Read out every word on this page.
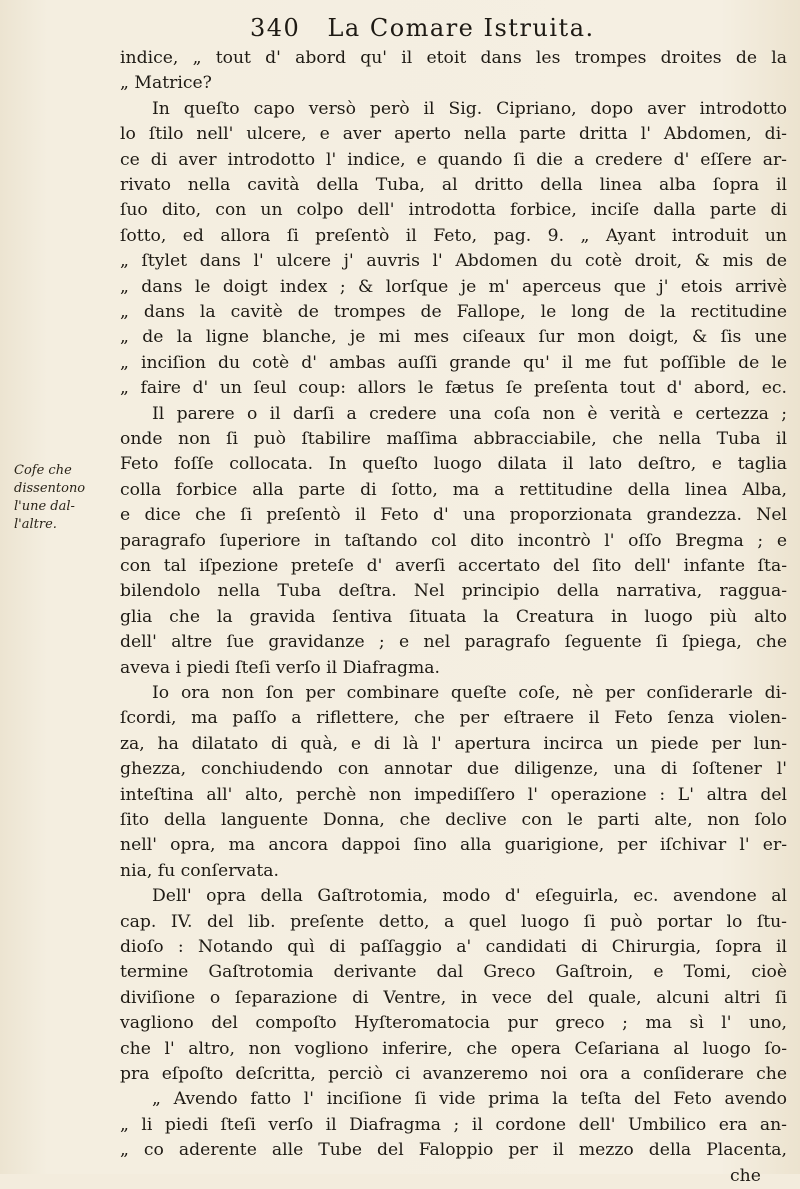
340 La Comare Istruita.
Cofe che
dissentono
l'une dal-
l'altre.
indice, „ tout d' abord qu' il etoit dans les trompes droites de la
„ Matrice?
In queſto capo versò però il Sig. Cipriano, dopo aver introdotto
lo ſtilo nell' ulcere, e aver aperto nella parte dritta l' Abdomen, di-
ce di aver introdotto l' indice, e quando ſi die a credere d' eſſere ar-
rivato nella cavità della Tuba, al dritto della linea alba ſopra il
ſuo dito, con un colpo dell' introdotta forbice, inciſe dalla parte di
ſotto, ed allora ſi preſentò il Feto, pag. 9. „ Ayant introduit un
„ ſtylet dans l' ulcere j' auvris l' Abdomen du cotè droit, & mis de
„ dans le doigt index ; & lorſque je m' aperceus que j' etois arrivè
„ dans la cavitè de trompes de Fallope, le long de la rectitudine
„ de la ligne blanche, je mi mes ciſeaux ſur mon doigt, & ſis une
„ inciſion du cotè d' ambas auſſi grande qu' il me fut poſſible de le
„ faire d' un ſeul coup: allors le fætus ſe preſenta tout d' abord, ec.
Il parere o il darſi a credere una coſa non è verità e certezza ;
onde non ſi può ſtabilire maſſima abbracciabile, che nella Tuba il
Feto foſſe collocata. In queſto luogo dilata il lato deſtro, e taglia
colla forbice alla parte di ſotto, ma a rettitudine della linea Alba,
e dice che ſi preſentò il Feto d' una proporzionata grandezza. Nel
paragrafo ſuperiore in taſtando col dito incontrò l' oſſo Bregma ; e
con tal iſpezione preteſe d' averſi accertato del ſito dell' infante ſta-
bilendolo nella Tuba deſtra. Nel principio della narrativa, raggua-
glia che la gravida ſentiva ſituata la Creatura in luogo più alto
dell' altre ſue gravidanze ; e nel paragrafo ſeguente ſi ſpiega, che
aveva i piedi ſteſi verſo il Diafragma.
Io ora non ſon per combinare queſte coſe, nè per conſiderarle di-
ſcordi, ma paſſo a riflettere, che per eſtraere il Feto ſenza violen-
za, ha dilatato di quà, e di là l' apertura incirca un piede per lun-
ghezza, conchiudendo con annotar due diligenze, una di ſoſtener l'
inteſtina all' alto, perchè non impediſſero l' operazione : L' altra del
ſito della languente Donna, che declive con le parti alte, non ſolo
nell' opra, ma ancora dappoi ſino alla guarigione, per iſchivar l' er-
nia, fu conſervata.
Dell' opra della Gaſtrotomia, modo d' eſeguirla, ec. avendone al
cap. IV. del lib. preſente detto, a quel luogo ſi può portar lo ſtu-
dioſo : Notando quì di paſſaggio a' candidati di Chirurgia, ſopra il
termine Gaſtrotomia derivante dal Greco Gaſtroin, e Tomi, cioè
diviſione o ſeparazione di Ventre, in vece del quale, alcuni altri ſi
vagliono del compoſto Hyſteromatocia pur greco ; ma sì l' uno,
che l' altro, non vogliono inferire, che opera Ceſariana al luogo ſo-
pra eſpoſto deſcritta, perciò ci avanzeremo noi ora a conſiderare che
„ Avendo fatto l' inciſione ſi vide prima la teſta del Feto avendo
„ li piedi ſteſi verſo il Diafragma ; il cordone dell' Umbilico era an-
„ co aderente alle Tube del Faloppio per il mezzo della Placenta,
che
